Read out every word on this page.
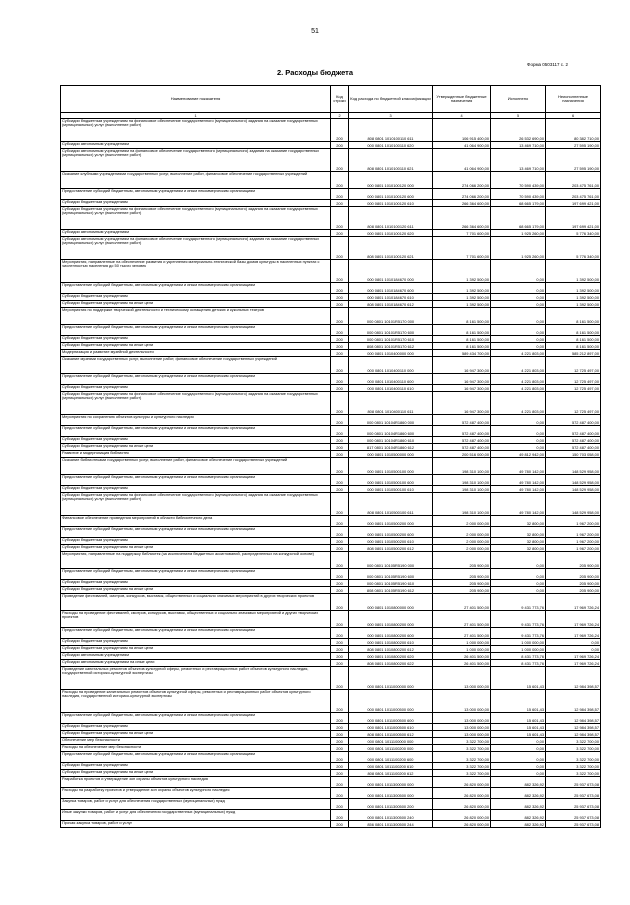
51
Форма 0503117 с. 2
2. Расходы бюджета
Наименование показателя	Код строки	Код расхода по бюджетной классификации	Утвержденные бюджетные назначения	Исполнено	Неисполненные назначения
1	2	3	4	5	6
Субсидии бюджетным учреждениям на финансовое обеспечение государственного (муниципального) задания на оказание государственных (муниципальных) услуг (выполнение работ)	200	808 0801 1010100110 611	106 915 400,00	26 532 690,00	80 382 710,00
Субсидии автономным учреждениям	200	000 0801 1010100110 620	41 064 900,00	13 469 710,00	27 595 190,00
Субсидии автономным учреждениям на финансовое обеспечение государственного (муниципального) задания на оказание государственных (муниципальных) услуг (выполнение работ)	200	808 0801 1010100110 621	41 064 900,00	13 469 710,00	27 595 190,00
Оказание клубными учреждениями государственных услуг, выполнение работ, финансовое обеспечение государственных учреждений	200	000 0801 1010100120 000	274 066 200,00	70 590 439,00	203 475 761,00
Предоставление субсидий бюджетным, автономным учреждениям и иным некоммерческим организациям	200	000 0801 1010100120 600	274 066 200,00	70 590 439,00	203 475 761,00
Субсидии бюджетным учреждениям	200	000 0801 1010100120 610	266 364 600,00	68 665 179,00	197 699 421,00
Субсидии бюджетным учреждениям на финансовое обеспечение государственного (муниципального) задания на оказание государственных (муниципальных) услуг (выполнение работ)	200	808 0801 1010100120 611	266 364 600,00	68 665 179,00	197 699 421,00
Субсидии автономным учреждениям	200	000 0801 1010100120 620	7 701 600,00	1 925 260,00	5 776 340,00
Субсидии автономным учреждениям на финансовое обеспечение государственного (муниципального) задания на оказание государственных (муниципальных) услуг (выполнение работ)	200	808 0801 1010100120 621	7 701 600,00	1 925 260,00	5 776 340,00
Мероприятия, направленные на обеспечение развития и укрепления материально-технической базы домов культуры в населенных пунктах с численностью населения до 50 тысяч человек	200	000 0801 1010184670 000	1 392 500,00	0,00	1 392 500,00
Предоставление субсидий бюджетным, автономным учреждениям и иным некоммерческим организациям	200	000 0801 1010184670 600	1 392 500,00	0,00	1 392 500,00
Субсидии бюджетным учреждениям	200	000 0801 1010184670 610	1 392 500,00	0,00	1 392 500,00
Субсидии бюджетным учреждениям на иные цели	200	808 0801 1010184670 612	1 392 500,00	0,00	1 392 500,00
Мероприятия по поддержке творческой деятельности и техническому оснащению детских и кукольных театров	200	000 0801 10101R5170 000	8 161 500,00	0,00	8 161 500,00
Предоставление субсидий бюджетным, автономным учреждениям и иным некоммерческим организациям	200	000 0801 10101R5170 600	8 161 500,00	0,00	8 161 500,00
Субсидии бюджетным учреждениям	200	000 0801 10101R5170 610	8 161 500,00	0,00	8 161 500,00
Субсидии бюджетным учреждениям на иные цели	200	808 0801 10101R5170 612	8 161 500,00	0,00	8 161 500,00
Модернизация и развитие музейной деятельности	200	000 0801 1010400000 000	589 434 700,00	4 221 803,00	585 212 897,00
Оказание музеями государственных услуг, выполнение работ, финансовое обеспечение государственных учреждений	200	000 0801 1010400110 000	16 947 300,00	4 221 803,00	12 725 497,00
Предоставление субсидий бюджетным, автономным учреждениям и иным некоммерческим организациям	200	000 0801 1010400110 600	16 947 300,00	4 221 803,00	12 725 497,00
Субсидии бюджетным учреждениям	200	000 0801 1010400110 610	16 947 300,00	4 221 803,00	12 725 497,00
Субсидии бюджетным учреждениям на финансовое обеспечение государственного (муниципального) задания на оказание государственных (муниципальных) услуг (выполнение работ)	200	808 0801 1010400110 611	16 947 300,00	4 221 803,00	12 725 497,00
Мероприятия по сохранению объектов культуры и культурного наследия	200	000 0801 10104R1860 000	572 487 400,00	0,00	572 487 400,00
Предоставление субсидий бюджетным, автономным учреждениям и иным некоммерческим организациям	200	000 0801 10104R1860 600	572 487 400,00	0,00	572 487 400,00
Субсидии бюджетным учреждениям	200	000 0801 10104R1860 610	572 487 400,00	0,00	572 487 400,00
Субсидии бюджетным учреждениям на иные цели	200	817 0801 10104R1860 612	572 487 400,00	0,00	572 487 400,00
Развитие и модернизация библиотек	200	000 0801 1010500000 000	200 516 000,00	49 812 942,00	150 703 058,00
Оказание библиотеками государственных услуг, выполнение работ, финансовое обеспечение государственных учреждений	200	000 0801 1010500100 000	198 310 100,00	49 780 142,00	148 529 958,00
Предоставление субсидий бюджетным, автономным учреждениям и иным некоммерческим организациям	200	000 0801 1010500100 600	198 310 100,00	49 780 142,00	148 529 958,00
Субсидии бюджетным учреждениям	200	000 0801 1010500100 610	198 310 100,00	49 780 142,00	148 529 958,00
Субсидии бюджетным учреждениям на финансовое обеспечение государственного (муниципального) задания на оказание государственных (муниципальных) услуг (выполнение работ)	200	808 0801 1010500100 611	198 310 100,00	49 780 142,00	148 529 958,00
Финансовое обеспечение проведения мероприятий в области библиотечного дела	200	000 0801 1010500200 000	2 000 000,00	32 800,00	1 967 200,00
Предоставление субсидий бюджетным, автономным учреждениям и иным некоммерческим организациям	200	000 0801 1010500200 600	2 000 000,00	32 800,00	1 967 200,00
Субсидии бюджетным учреждениям	200	000 0801 1010500200 610	2 000 000,00	32 800,00	1 967 200,00
Субсидии бюджетным учреждениям на иные цели	200	808 0801 1010500200 612	2 000 000,00	32 800,00	1 967 200,00
Мероприятия, направленные на поддержку библиотек (за исключением бюджетных ассигнований, распределенных на конкурсной основе)	200	000 0801 10105R5190 000	205 900,00	0,00	205 900,00
Предоставление субсидий бюджетным, автономным учреждениям и иным некоммерческим организациям	200	000 0801 10105R5190 600	205 900,00	0,00	205 900,00
Субсидии бюджетным учреждениям	200	000 0801 10105R5190 610	205 900,00	0,00	205 900,00
Субсидии бюджетным учреждениям на иные цели	200	808 0801 10105R5190 612	205 900,00	0,00	205 900,00
Проведение фестивалей, смотров, конкурсов, выставок, общественных и социально значимых мероприятий в других творческих проектов	200	000 0801 1010800000 000	27 401 500,00	9 431 773,76	17 969 726,24
Расходы на проведение фестивалей, смотров, конкурсов, выставок, общественных и социально значимых мероприятий и других творческих проектов	200	000 0801 1010800200 000	27 401 500,00	9 431 773,76	17 969 726,24
Предоставление субсидий бюджетным, автономным учреждениям и иным некоммерческим организациям	200	000 0801 1010800200 600	27 401 500,00	9 431 773,76	17 969 726,24
Субсидии бюджетным учреждениям	200	000 0801 1010800200 610	1 000 000,00	1 000 000,00	0,00
Субсидии бюджетным учреждениям на иные цели	200	808 0801 1010800200 612	1 000 000,00	1 000 000,00	0,00
Субсидии автономным учреждениям	200	000 0801 1010800200 620	26 401 500,00	8 431 773,76	17 969 726,24
Субсидии автономным учреждениям на иные цели	200	808 0801 1010800200 622	26 401 500,00	8 431 773,76	17 969 726,24
Проведение капитальных ремонтов объектов культурной сферы, ремонтных и реставрационных работ объектов культурного наследия, государственной историко-культурной экспертизы	200	000 0801 1011000000 000	13 000 000,00	15 601,43	12 984 398,57
Расходы на проведение капитальных ремонтов объектов культурной сферы, ремонтных и реставрационных работ объектов культурного наследия, государственной историко-культурной экспертизы	200	000 0801 1011000500 000	13 000 000,00	15 601,43	12 984 398,57
Предоставление субсидий бюджетным, автономным учреждениям и иным некоммерческим организациям	200	000 0801 1011000500 600	13 000 000,00	15 601,43	12 984 398,57
Субсидии бюджетным учреждениям	200	000 0801 1011000500 610	13 000 000,00	15 601,43	12 984 398,57
Субсидии бюджетным учреждениям на иные цели	200	808 0801 1011000500 612	13 000 000,00	15 601,43	12 984 398,57
Обеспечение мер безопасности	200	000 0801 1011100000 000	3 322 700,00	0,00	3 322 700,00
Расходы на обеспечение мер безопасности	200	000 0801 1011100200 000	3 322 700,00	0,00	3 322 700,00
Предоставление субсидий бюджетным, автономным учреждениям и иным некоммерческим организациям	200	000 0801 1011100200 600	3 322 700,00	0,00	3 322 700,00
Субсидии бюджетным учреждениям	200	000 0801 1011100200 610	3 322 700,00	0,00	3 322 700,00
Субсидии бюджетным учреждениям на иные цели	200	808 0801 1011100200 612	3 322 700,00	0,00	3 322 700,00
Разработка проектов и утверждение зон охраны объектов культурного наследия	200	000 0801 1011300000 000	26 820 000,00	882 326,92	25 937 673,08
Расходы на разработку проектов и утверждение зон охраны объектов культурного наследия	200	000 0801 1011300500 000	26 820 000,00	882 326,92	25 937 673,08
Закупка товаров, работ и услуг для обеспечения государственных (муниципальных) нужд	200	000 0801 1011300500 200	26 820 000,00	882 326,92	25 937 673,08
Иные закупки товаров, работ и услуг для обеспечения государственных (муниципальных) нужд	200	000 0801 1011300500 240	26 820 000,00	882 326,92	25 937 673,08
Прочая закупка товаров, работ и услуг	200	856 0801 1011300500 244	26 820 000,00	882 326,92	25 937 673,08
